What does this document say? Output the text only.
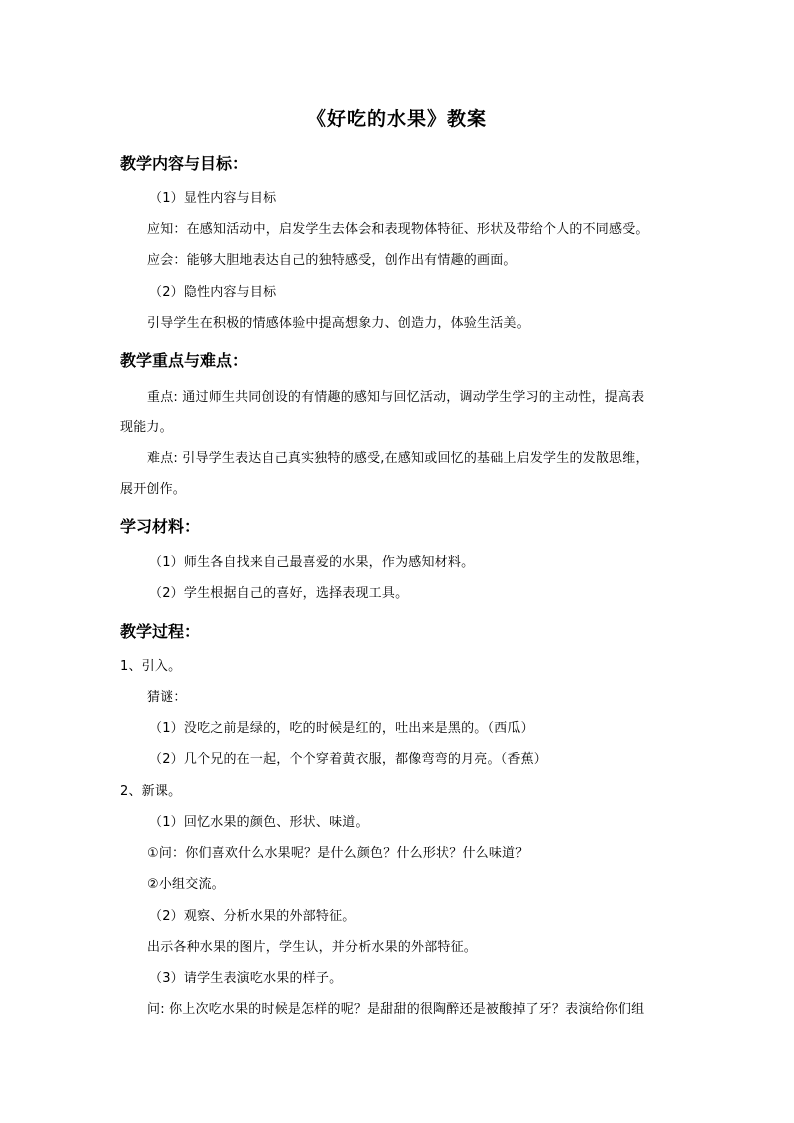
《好吃的水果》教案
教学内容与目标：
（1）显性内容与目标
应知：在感知活动中，启发学生去体会和表现物体特征、形状及带给个人的不同感受。
应会：能够大胆地表达自己的独特感受，创作出有情趣的画面。
（2）隐性内容与目标
引导学生在积极的情感体验中提高想象力、创造力，体验生活美。
教学重点与难点：
重点: 通过师生共同创设的有情趣的感知与回忆活动，调动学生学习的主动性，提高表
现能力。
难点: 引导学生表达自己真实独特的感受,在感知或回忆的基础上启发学生的发散思维，
展开创作。
学习材料：
（1）师生各自找来自己最喜爱的水果，作为感知材料。
（2）学生根据自己的喜好，选择表现工具。
教学过程：
1、引入。
猜谜：
（1）没吃之前是绿的，吃的时候是红的，吐出来是黑的。（西瓜）
（2）几个兄的在一起，个个穿着黄衣服，都像弯弯的月亮。（香蕉）
2、新课。
（1）回忆水果的颜色、形状、味道。
①问：你们喜欢什么水果呢？是什么颜色？什么形状？什么味道？
②小组交流。
（2）观察、分析水果的外部特征。
出示各种水果的图片，学生认，并分析水果的外部特征。
（3）请学生表演吃水果的样子。
问: 你上次吃水果的时候是怎样的呢？是甜甜的很陶醉还是被酸掉了牙？表演给你们组
